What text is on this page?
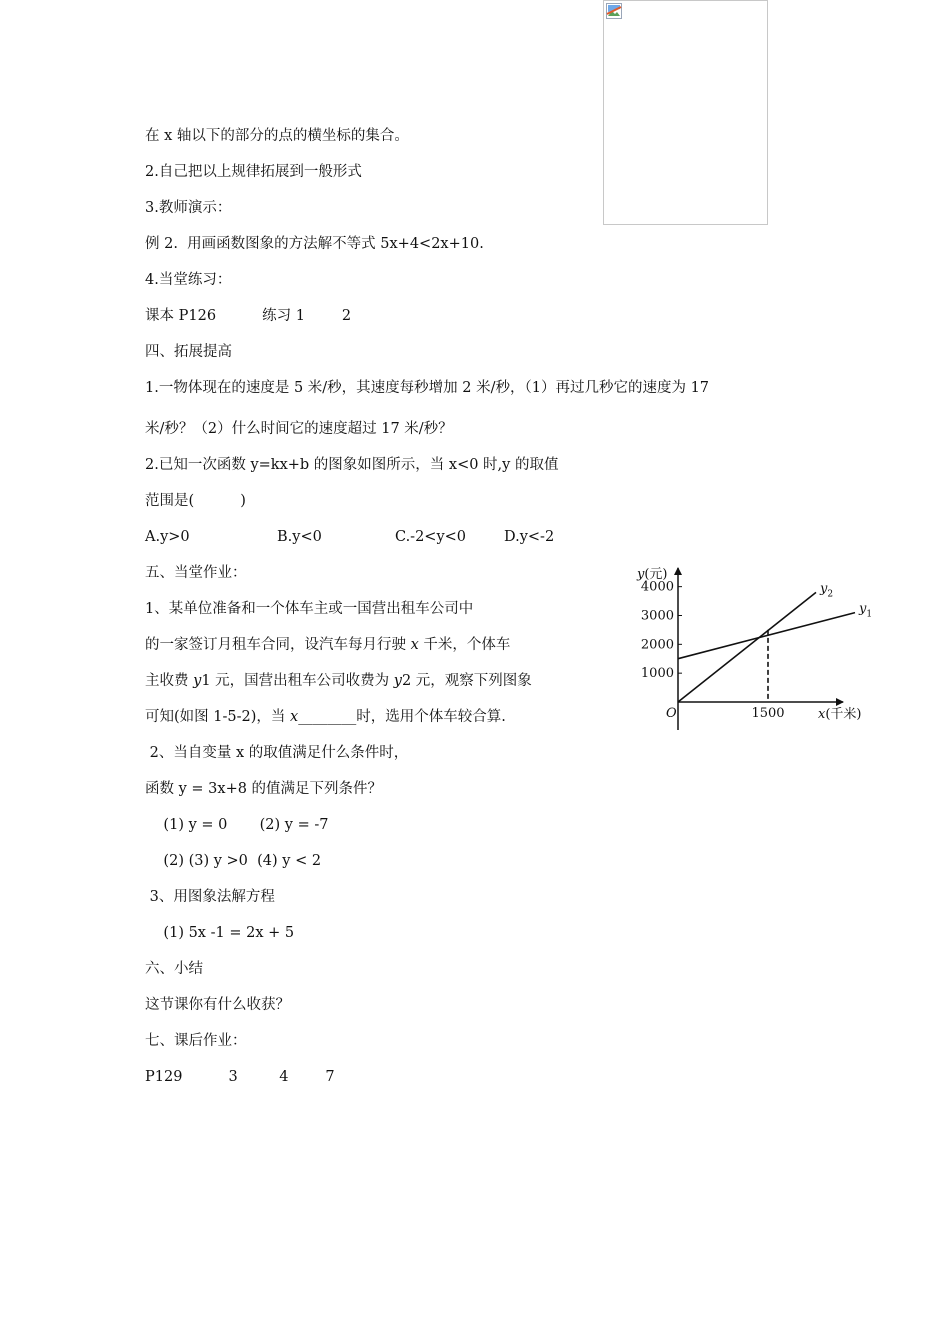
在 x 轴以下的部分的点的横坐标的集合。
2.自己把以上规律拓展到一般形式
3.教师演示：
例 2.  用画函数图象的方法解不等式 5x+4<2x+10.
4.当堂练习：
课本 P126          练习 1        2
四、拓展提高
1.一物体现在的速度是 5 米/秒，其速度每秒增加 2 米/秒，（1）再过几秒它的速度为 17
米/秒？（2）什么时间它的速度超过 17 米/秒？
2.已知一次函数 y=kx+b 的图象如图所示，当 x<0 时,y 的取值
范围是(          )
A.y>0	B.y<0	C.-2<y<0	D.y<-2
五、当堂作业：
1、某单位准备和一个体车主或一国营出租车公司中
的一家签订月租车合同，设汽车每月行驶 x 千米，个体车
主收费 y1 元，国营出租车公司收费为 y2 元，观察下列图象
可知(如图 1-5-2)，当 x________时，选用个体车较合算.
2、当自变量 x 的取值满足什么条件时，
函数 y = 3x+8 的值满足下列条件？
(1) y = 0       (2) y = -7
(2) (3) y >0  (4) y < 2
3、用图象法解方程
(1) 5x -1 = 2x + 5
六、小结
这节课你有什么收获？
七、课后作业：
P129          3         4        7
4000
3000
2000
1000
1500
$y_1$
$y_2$
O
y(元)
x(千米)
